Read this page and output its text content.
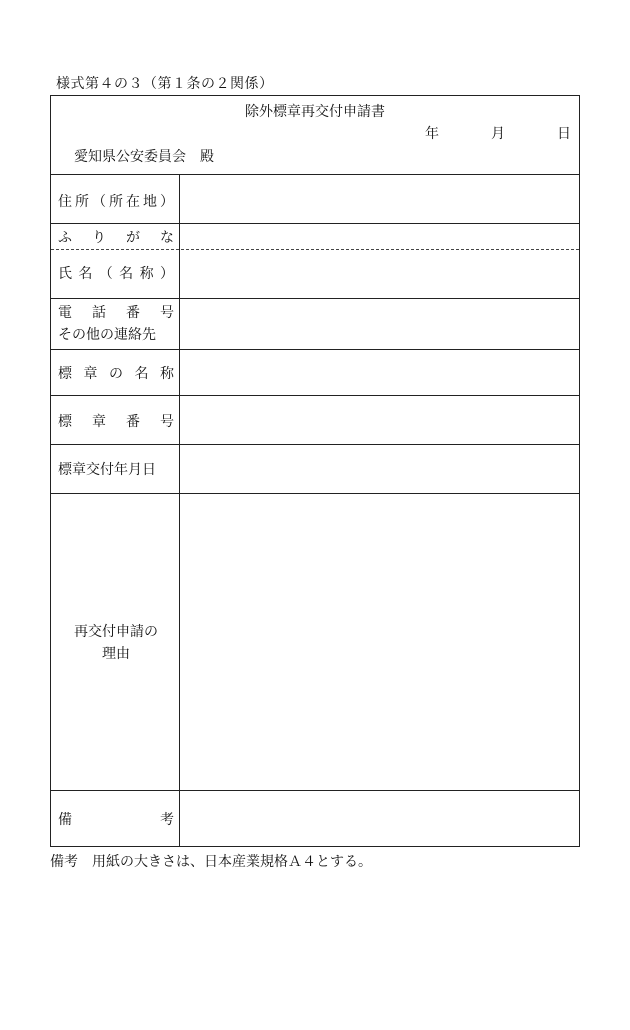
様式第４の３（第１条の２関係）
除外標章再交付申請書
年	月	日
愛知県公安委員会 殿
住 所 （ 所 在 地 ）
ふ り が な
氏 名 （ 名 称 ）
電 話 番 号
その他の連絡先
標 章 の 名 称
標 章 番 号
標章交付年月日
再交付申請の
理由
備	考
備考　用紙の大きさは、日本産業規格Ａ４とする。
